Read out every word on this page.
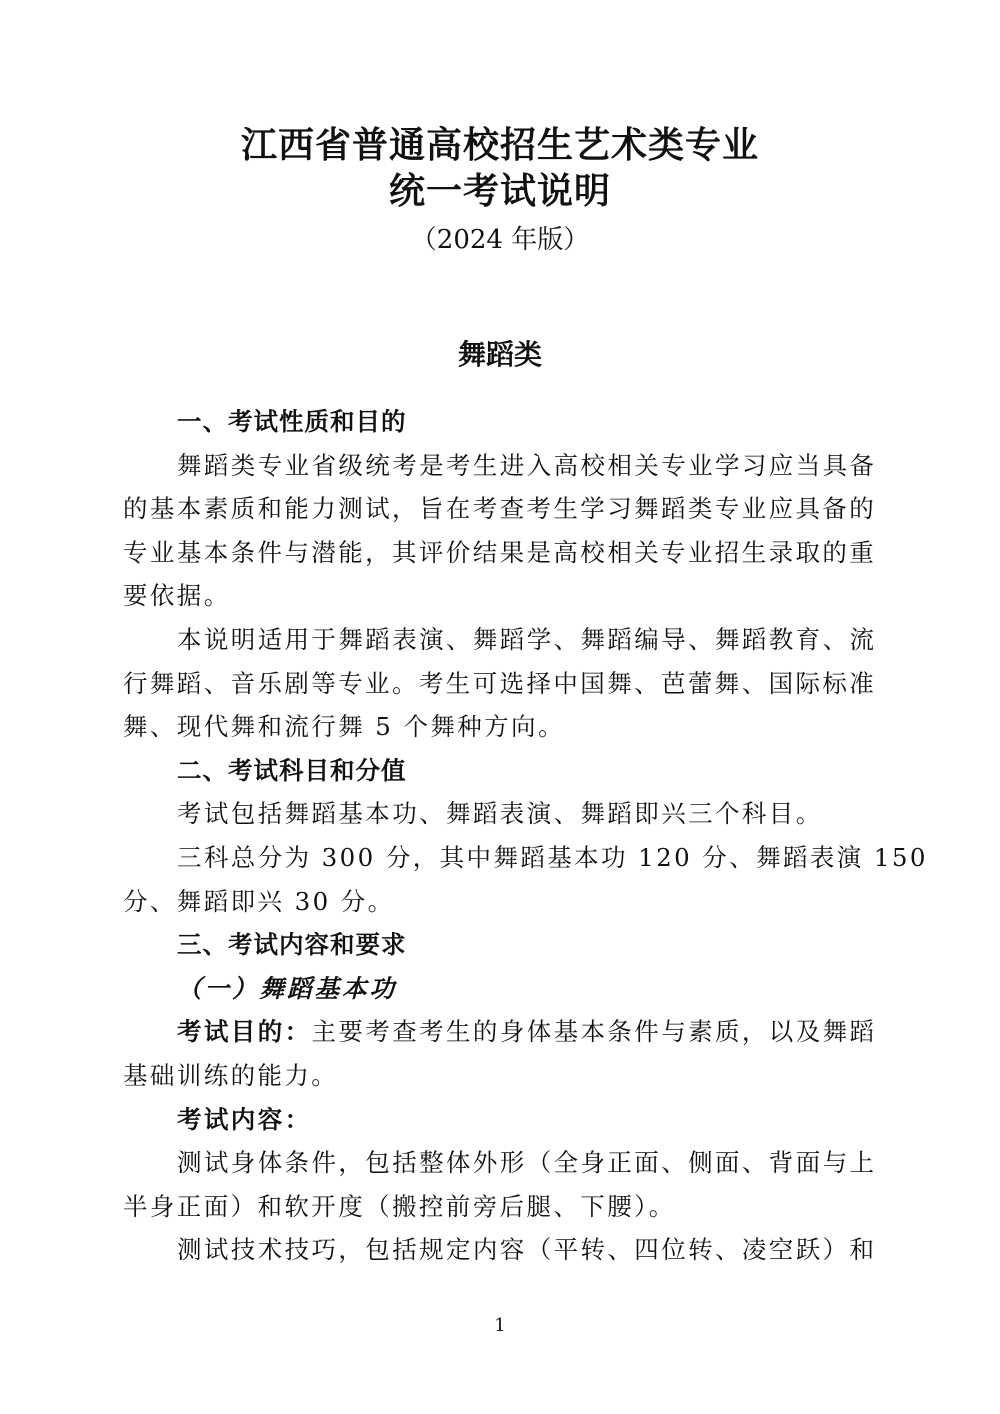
江西省普通高校招生艺术类专业
统一考试说明
（2024 年版）
舞蹈类
一、考试性质和目的
舞蹈类专业省级统考是考生进入高校相关专业学习应当具备
的基本素质和能力测试，旨在考查考生学习舞蹈类专业应具备的
专业基本条件与潜能，其评价结果是高校相关专业招生录取的重
要依据。
本说明适用于舞蹈表演、舞蹈学、舞蹈编导、舞蹈教育、流
行舞蹈、音乐剧等专业。考生可选择中国舞、芭蕾舞、国际标准
舞、现代舞和流行舞 5 个舞种方向。
二、考试科目和分值
考试包括舞蹈基本功、舞蹈表演、舞蹈即兴三个科目。
三科总分为 300 分，其中舞蹈基本功 120 分、舞蹈表演 150
分、舞蹈即兴 30 分。
三、考试内容和要求
（一）舞蹈基本功
考试目的：主要考查考生的身体基本条件与素质，以及舞蹈
基础训练的能力。
考试内容：
测试身体条件，包括整体外形（全身正面、侧面、背面与上
半身正面）和软开度（搬控前旁后腿、下腰）。
测试技术技巧，包括规定内容（平转、四位转、凌空跃）和
1
